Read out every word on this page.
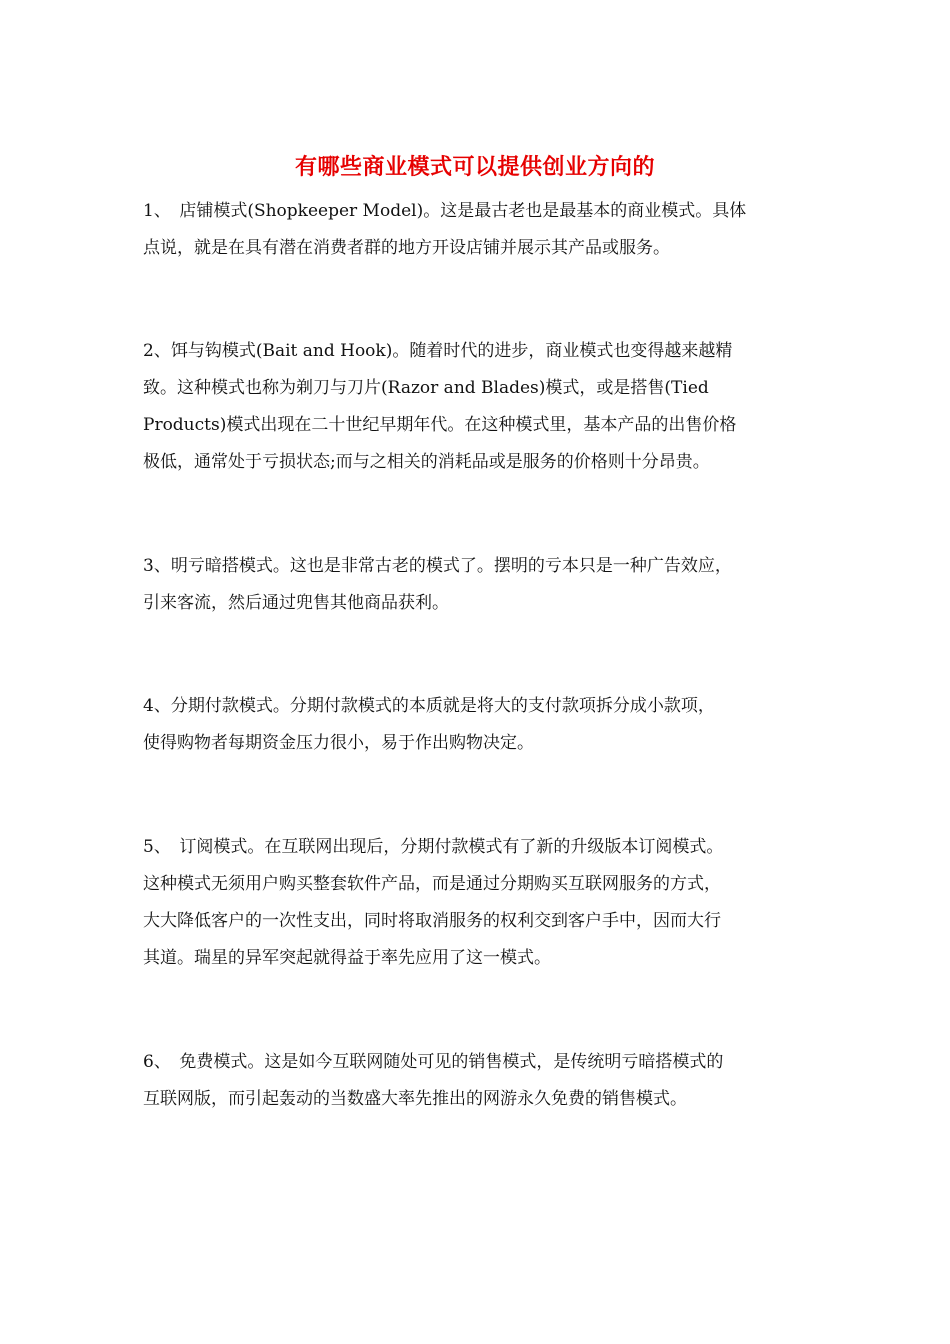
有哪些商业模式可以提供创业方向的
1、　店铺模式(Shopkeeper Model)。这是最古老也是最基本的商业模式。具体
点说，就是在具有潜在消费者群的地方开设店铺并展示其产品或服务。
2、饵与钩模式(Bait and Hook)。随着时代的进步，商业模式也变得越来越精
致。这种模式也称为剃刀与刀片(Razor and Blades)模式，或是搭售(Tied
Products)模式出现在二十世纪早期年代。在这种模式里，基本产品的出售价格
极低，通常处于亏损状态;而与之相关的消耗品或是服务的价格则十分昂贵。
3、明亏暗搭模式。这也是非常古老的模式了。摆明的亏本只是一种广告效应，
引来客流，然后通过兜售其他商品获利。
4、分期付款模式。分期付款模式的本质就是将大的支付款项拆分成小款项，
使得购物者每期资金压力很小，易于作出购物决定。
5、　订阅模式。在互联网出现后，分期付款模式有了新的升级版本订阅模式。
这种模式无须用户购买整套软件产品，而是通过分期购买互联网服务的方式，
大大降低客户的一次性支出，同时将取消服务的权利交到客户手中，因而大行
其道。瑞星的异军突起就得益于率先应用了这一模式。
6、　免费模式。这是如今互联网随处可见的销售模式，是传统明亏暗搭模式的
互联网版，而引起轰动的当数盛大率先推出的网游永久免费的销售模式。
